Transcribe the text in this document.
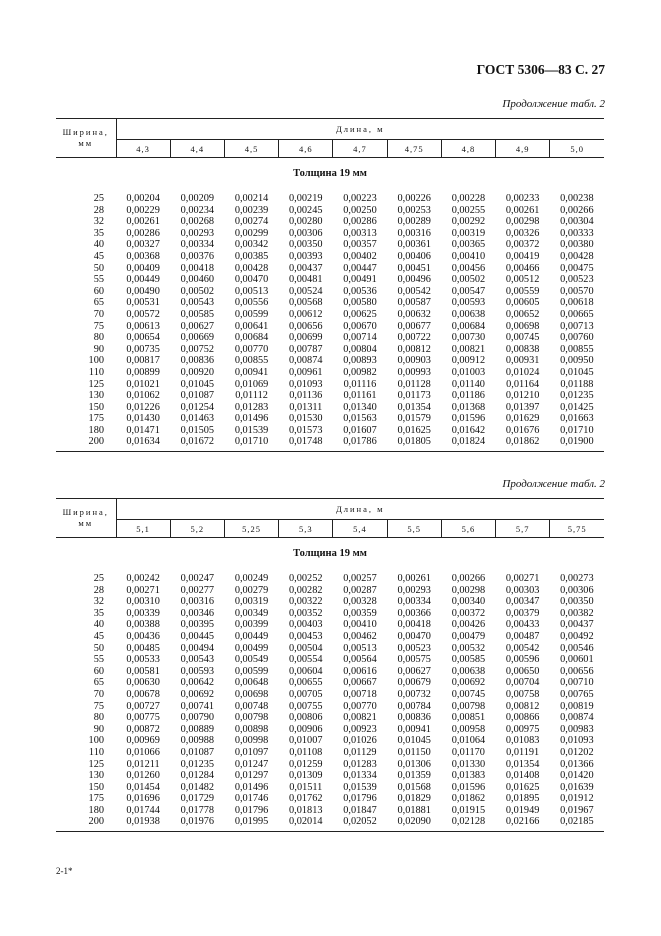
ГОСТ 5306—83 С. 27
Продолжение табл. 2
Ширина,
мм	Длина, м								
	4,3	4,4	4,5	4,6	4,7	4,75	4,8	4,9	5,0
Толщина 19 мм									
25	0,00204	0,00209	0,00214	0,00219	0,00223	0,00226	0,00228	0,00233	0,00238
28	0,00229	0,00234	0,00239	0,00245	0,00250	0,00253	0,00255	0,00261	0,00266
32	0,00261	0,00268	0,00274	0,00280	0,00286	0,00289	0,00292	0,00298	0,00304
35	0,00286	0,00293	0,00299	0,00306	0,00313	0,00316	0,00319	0,00326	0,00333
40	0,00327	0,00334	0,00342	0,00350	0,00357	0,00361	0,00365	0,00372	0,00380
45	0,00368	0,00376	0,00385	0,00393	0,00402	0,00406	0,00410	0,00419	0,00428
50	0,00409	0,00418	0,00428	0,00437	0,00447	0,00451	0,00456	0,00466	0,00475
55	0,00449	0,00460	0,00470	0,00481	0,00491	0,00496	0,00502	0,00512	0,00523
60	0,00490	0,00502	0,00513	0,00524	0,00536	0,00542	0,00547	0,00559	0,00570
65	0,00531	0,00543	0,00556	0,00568	0,00580	0,00587	0,00593	0,00605	0,00618
70	0,00572	0,00585	0,00599	0,00612	0,00625	0,00632	0,00638	0,00652	0,00665
75	0,00613	0,00627	0,00641	0,00656	0,00670	0,00677	0,00684	0,00698	0,00713
80	0,00654	0,00669	0,00684	0,00699	0,00714	0,00722	0,00730	0,00745	0,00760
90	0,00735	0,00752	0,00770	0,00787	0,00804	0,00812	0,00821	0,00838	0,00855
100	0,00817	0,00836	0,00855	0,00874	0,00893	0,00903	0,00912	0,00931	0,00950
110	0,00899	0,00920	0,00941	0,00961	0,00982	0,00993	0,01003	0,01024	0,01045
125	0,01021	0,01045	0,01069	0,01093	0,01116	0,01128	0,01140	0,01164	0,01188
130	0,01062	0,01087	0,01112	0,01136	0,01161	0,01173	0,01186	0,01210	0,01235
150	0,01226	0,01254	0,01283	0,01311	0,01340	0,01354	0,01368	0,01397	0,01425
175	0,01430	0,01463	0,01496	0,01530	0,01563	0,01579	0,01596	0,01629	0,01663
180	0,01471	0,01505	0,01539	0,01573	0,01607	0,01625	0,01642	0,01676	0,01710
200	0,01634	0,01672	0,01710	0,01748	0,01786	0,01805	0,01824	0,01862	0,01900
Продолжение табл. 2
Ширина,
мм	Длина, м								
	5,1	5,2	5,25	5,3	5,4	5,5	5,6	5,7	5,75
Толщина 19 мм									
25	0,00242	0,00247	0,00249	0,00252	0,00257	0,00261	0,00266	0,00271	0,00273
28	0,00271	0,00277	0,00279	0,00282	0,00287	0,00293	0,00298	0,00303	0,00306
32	0,00310	0,00316	0,00319	0,00322	0,00328	0,00334	0,00340	0,00347	0,00350
35	0,00339	0,00346	0,00349	0,00352	0,00359	0,00366	0,00372	0,00379	0,00382
40	0,00388	0,00395	0,00399	0,00403	0,00410	0,00418	0,00426	0,00433	0,00437
45	0,00436	0,00445	0,00449	0,00453	0,00462	0,00470	0,00479	0,00487	0,00492
50	0,00485	0,00494	0,00499	0,00504	0,00513	0,00523	0,00532	0,00542	0,00546
55	0,00533	0,00543	0,00549	0,00554	0,00564	0,00575	0,00585	0,00596	0,00601
60	0,00581	0,00593	0,00599	0,00604	0,00616	0,00627	0,00638	0,00650	0,00656
65	0,00630	0,00642	0,00648	0,00655	0,00667	0,00679	0,00692	0,00704	0,00710
70	0,00678	0,00692	0,00698	0,00705	0,00718	0,00732	0,00745	0,00758	0,00765
75	0,00727	0,00741	0,00748	0,00755	0,00770	0,00784	0,00798	0,00812	0,00819
80	0,00775	0,00790	0,00798	0,00806	0,00821	0,00836	0,00851	0,00866	0,00874
90	0,00872	0,00889	0,00898	0,00906	0,00923	0,00941	0,00958	0,00975	0,00983
100	0,00969	0,00988	0,00998	0,01007	0,01026	0,01045	0,01064	0,01083	0,01093
110	0,01066	0,01087	0,01097	0,01108	0,01129	0,01150	0,01170	0,01191	0,01202
125	0,01211	0,01235	0,01247	0,01259	0,01283	0,01306	0,01330	0,01354	0,01366
130	0,01260	0,01284	0,01297	0,01309	0,01334	0,01359	0,01383	0,01408	0,01420
150	0,01454	0,01482	0,01496	0,01511	0,01539	0,01568	0,01596	0,01625	0,01639
175	0,01696	0,01729	0,01746	0,01762	0,01796	0,01829	0,01862	0,01895	0,01912
180	0,01744	0,01778	0,01796	0,01813	0,01847	0,01881	0,01915	0,01949	0,01967
200	0,01938	0,01976	0,01995	0,02014	0,02052	0,02090	0,02128	0,02166	0,02185
2-1*
